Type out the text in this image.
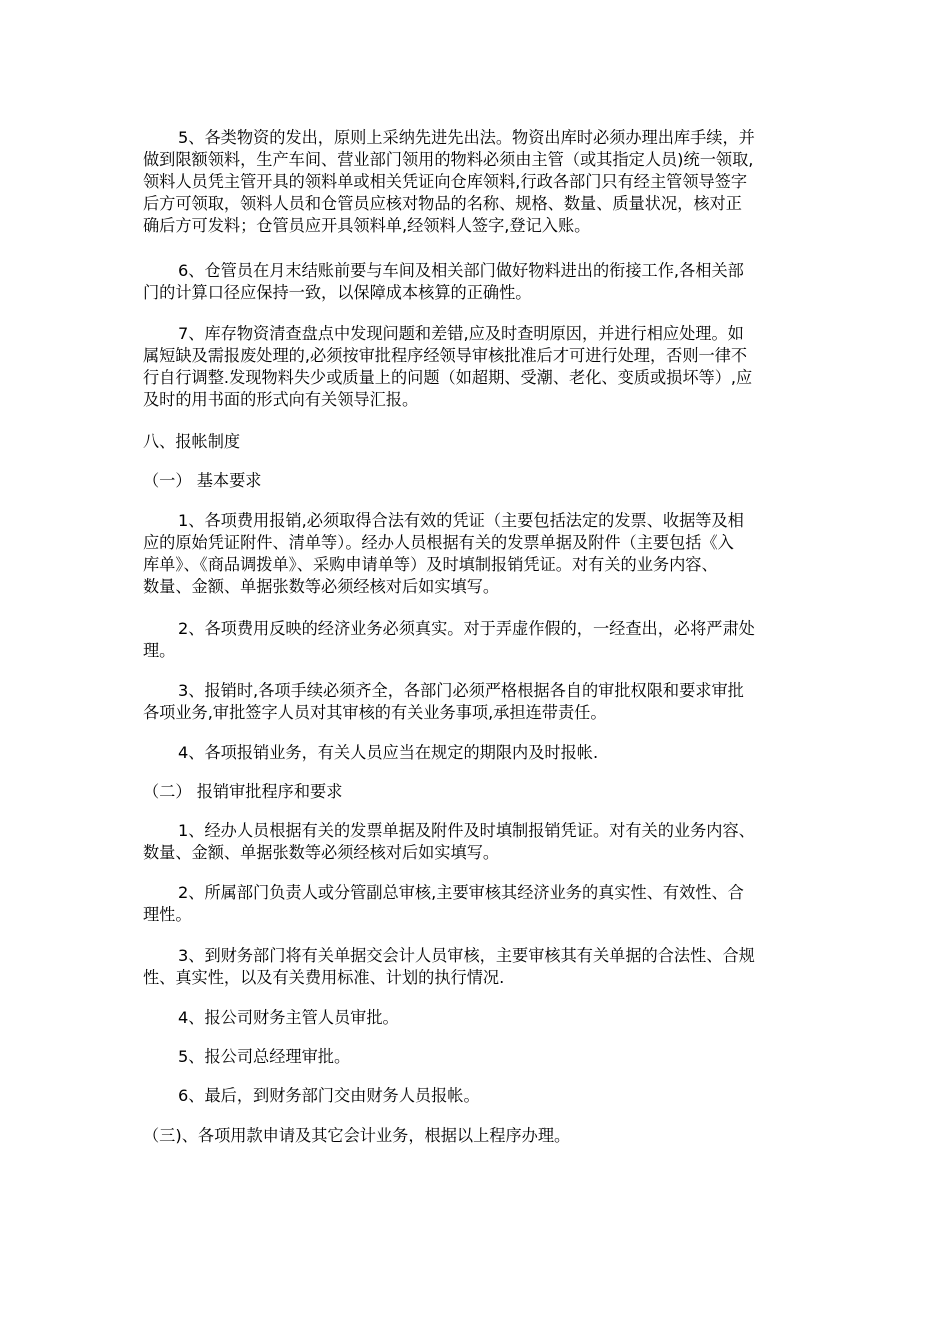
5、各类物资的发出，原则上采纳先进先出法。物资出库时必须办理出库手续，并
做到限额领料，生产车间、营业部门领用的物料必须由主管（或其指定人员)统一领取,
领料人员凭主管开具的领料单或相关凭证向仓库领料,行政各部门只有经主管领导签字
后方可领取，领料人员和仓管员应核对物品的名称、规格、数量、质量状况，核对正
确后方可发料；仓管员应开具领料单,经领料人签字,登记入账。

6、仓管员在月末结账前要与车间及相关部门做好物料进出的衔接工作,各相关部
门的计算口径应保持一致，以保障成本核算的正确性。

7、库存物资清查盘点中发现问题和差错,应及时查明原因，并进行相应处理。如
属短缺及需报废处理的,必须按审批程序经领导审核批准后才可进行处理，否则一律不
行自行调整.发现物料失少或质量上的问题（如超期、受潮、老化、变质或损坏等）,应
及时的用书面的形式向有关领导汇报。

八、报帐制度

（一） 基本要求

1、各项费用报销,必须取得合法有效的凭证（主要包括法定的发票、收据等及相
应的原始凭证附件、清单等）。经办人员根据有关的发票单据及附件（主要包括《入
库单》、《商品调拨单》、采购申请单等）及时填制报销凭证。对有关的业务内容、
数量、金额、单据张数等必须经核对后如实填写。

2、各项费用反映的经济业务必须真实。对于弄虚作假的，一经查出，必将严肃处
理。

3、报销时,各项手续必须齐全，各部门必须严格根据各自的审批权限和要求审批
各项业务,审批签字人员对其审核的有关业务事项,承担连带责任。

4、各项报销业务，有关人员应当在规定的期限内及时报帐.

（二） 报销审批程序和要求

1、经办人员根据有关的发票单据及附件及时填制报销凭证。对有关的业务内容、
数量、金额、单据张数等必须经核对后如实填写。

2、所属部门负责人或分管副总审核,主要审核其经济业务的真实性、有效性、合
理性。

3、到财务部门将有关单据交会计人员审核，主要审核其有关单据的合法性、合规
性、真实性，以及有关费用标准、计划的执行情况.

4、报公司财务主管人员审批。

5、报公司总经理审批。

6、最后，到财务部门交由财务人员报帐。

（三)、各项用款申请及其它会计业务，根据以上程序办理。
